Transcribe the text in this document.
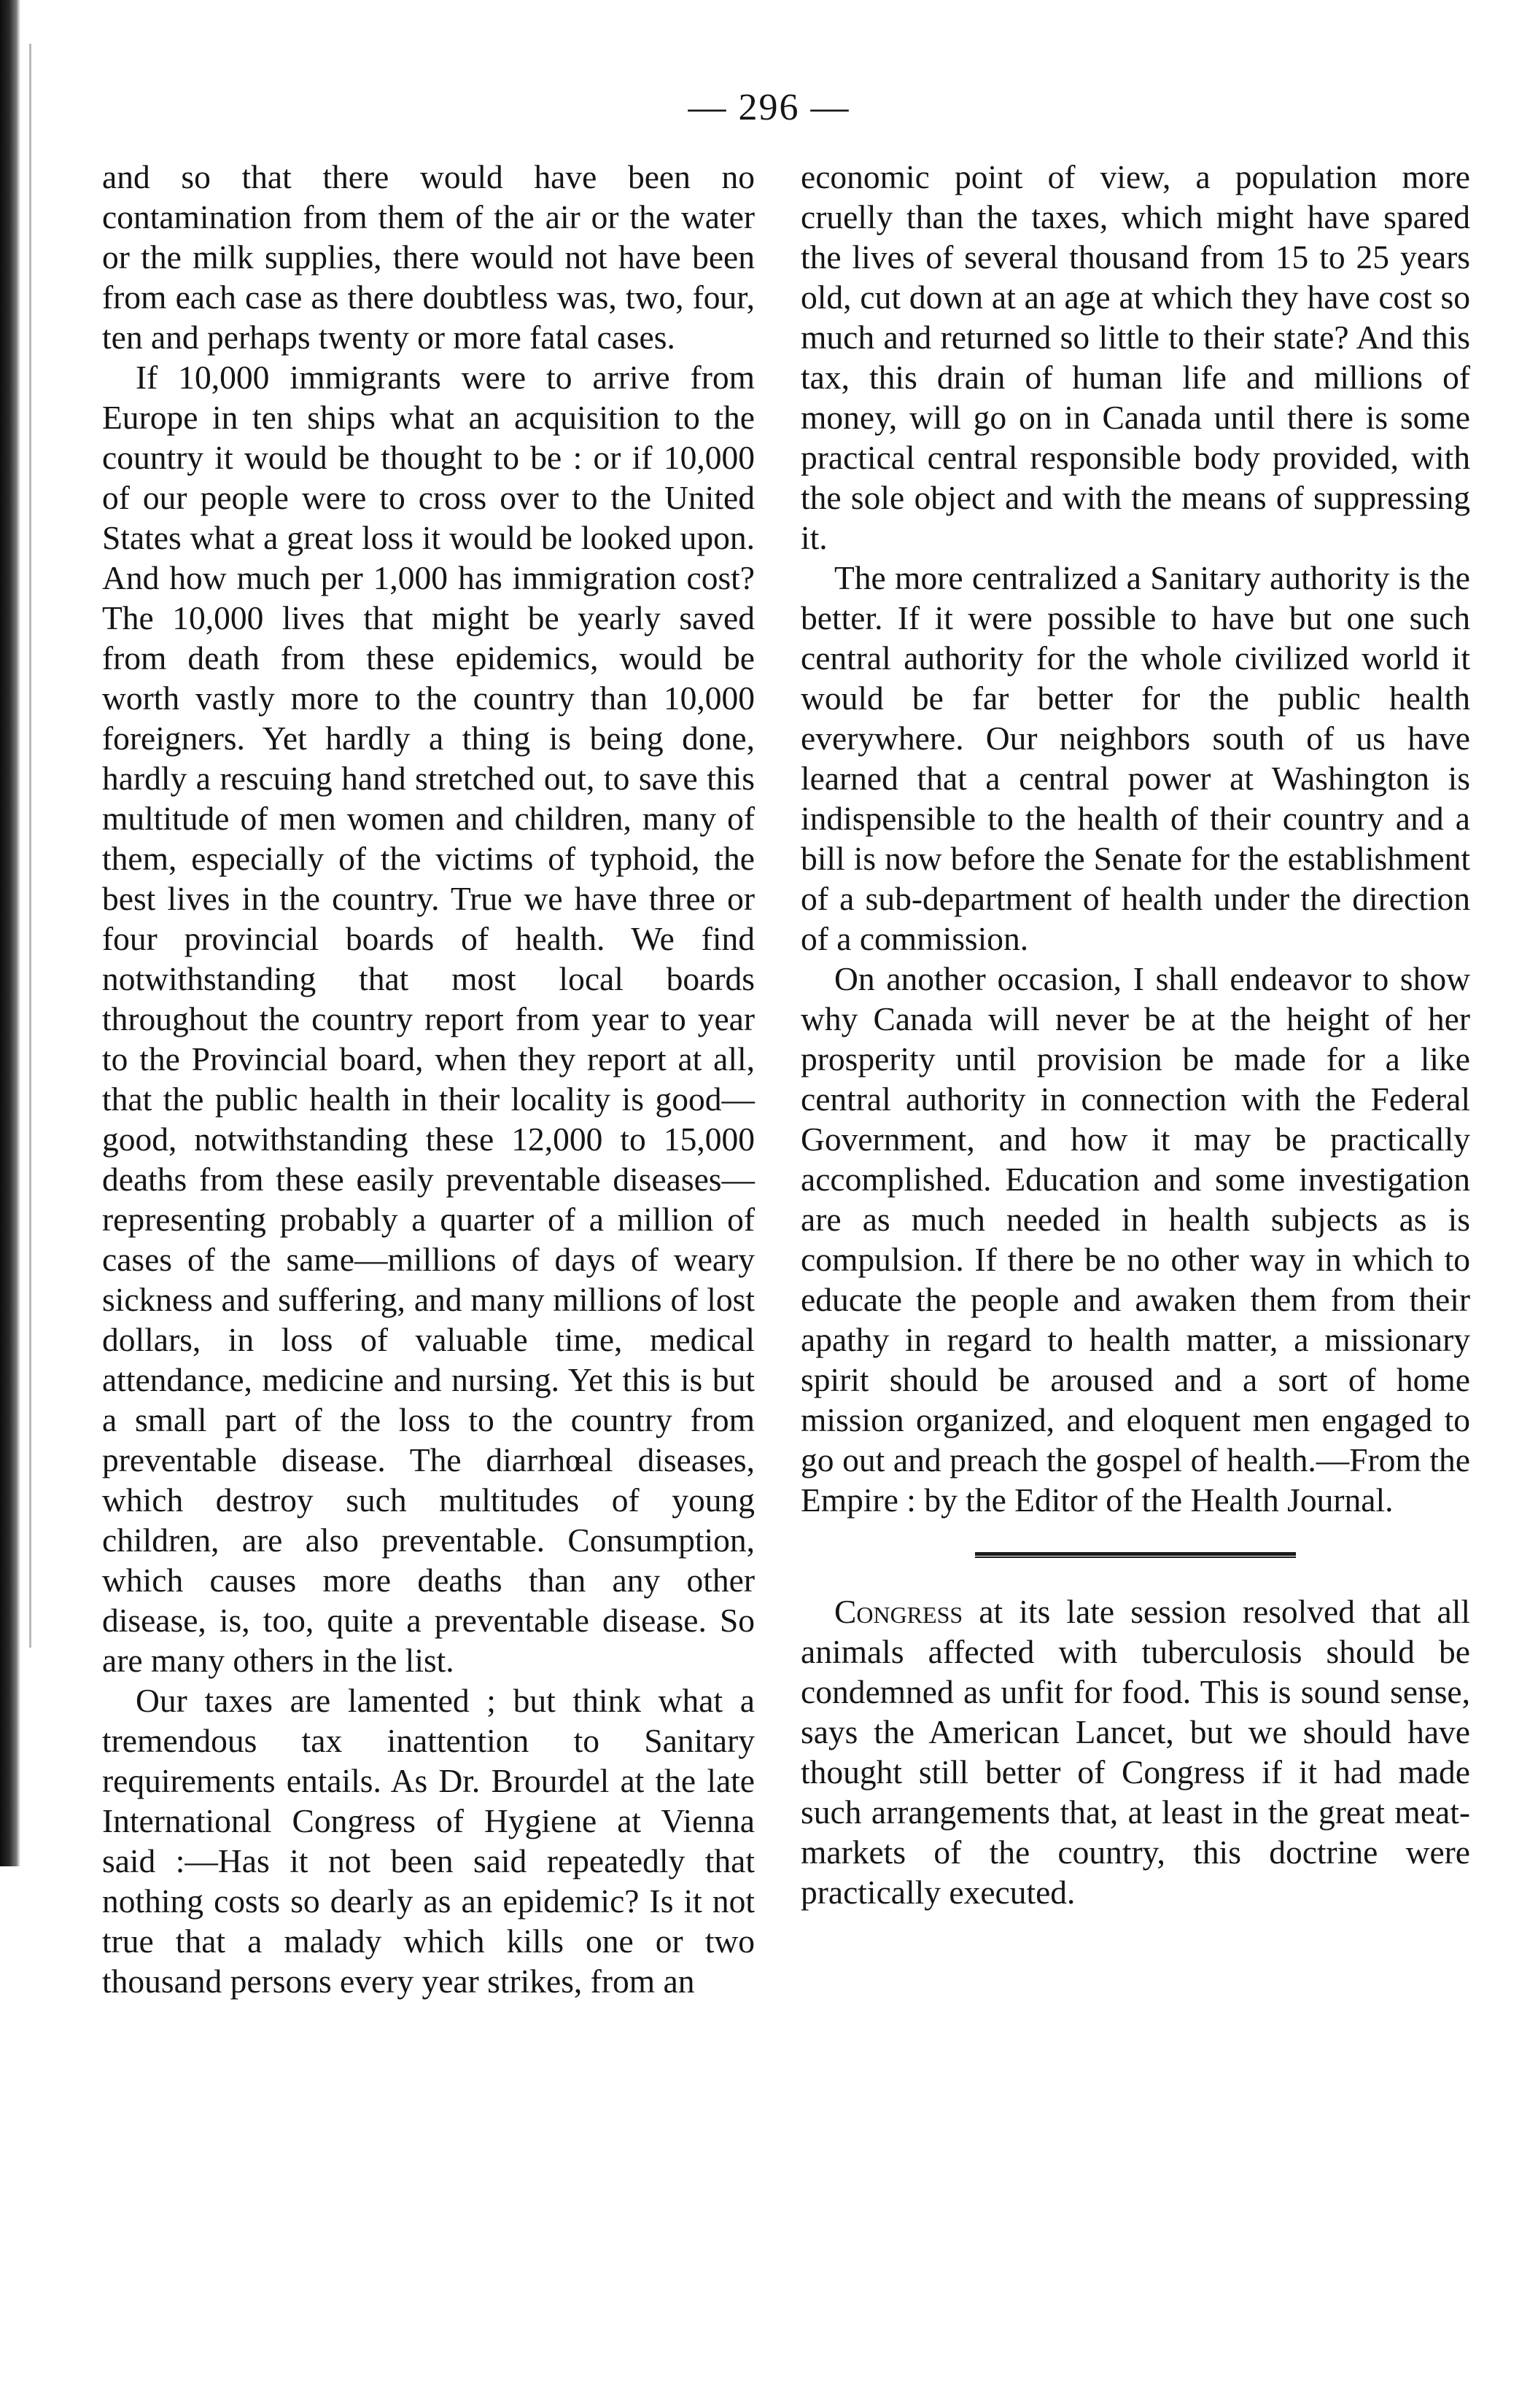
— 296 —

and so that there would have been no contamination from them of the air or the water or the milk supplies, there would not have been from each case as there doubtless was, two, four, ten and perhaps twenty or more fatal cases.

If 10,000 immigrants were to arrive from Europe in ten ships what an acquisition to the country it would be thought to be : or if 10,000 of our people were to cross over to the United States what a great loss it would be looked upon. And how much per 1,000 has immigration cost? The 10,000 lives that might be yearly saved from death from these epidemics, would be worth vastly more to the country than 10,000 foreigners. Yet hardly a thing is being done, hardly a rescuing hand stretched out, to save this multitude of men women and children, many of them, especially of the victims of typhoid, the best lives in the country. True we have three or four provincial boards of health. We find notwithstanding that most local boards throughout the country report from year to year to the Provincial board, when they report at all, that the public health in their locality is good—good, notwithstanding these 12,000 to 15,000 deaths from these easily preventable diseases—representing probably a quarter of a million of cases of the same—millions of days of weary sickness and suffering, and many millions of lost dollars, in loss of valuable time, medical attendance, medicine and nursing. Yet this is but a small part of the loss to the country from preventable disease. The diarrhœal diseases, which destroy such multitudes of young children, are also preventable. Consumption, which causes more deaths than any other disease, is, too, quite a preventable disease. So are many others in the list.

Our taxes are lamented ; but think what a tremendous tax inattention to Sanitary requirements entails. As Dr. Brourdel at the late International Congress of Hygiene at Vienna said :—Has it not been said repeatedly that nothing costs so dearly as an epidemic? Is it not true that a malady which kills one or two thousand persons every year strikes, from an

economic point of view, a population more cruelly than the taxes, which might have spared the lives of several thousand from 15 to 25 years old, cut down at an age at which they have cost so much and returned so little to their state? And this tax, this drain of human life and millions of money, will go on in Canada until there is some practical central responsible body provided, with the sole object and with the means of suppressing it.

The more centralized a Sanitary authority is the better. If it were possible to have but one such central authority for the whole civilized world it would be far better for the public health everywhere. Our neighbors south of us have learned that a central power at Washington is indispensible to the health of their country and a bill is now before the Senate for the establishment of a sub-department of health under the direction of a commission.

On another occasion, I shall endeavor to show why Canada will never be at the height of her prosperity until provision be made for a like central authority in connection with the Federal Government, and how it may be practically accomplished. Education and some investigation are as much needed in health subjects as is compulsion. If there be no other way in which to educate the people and awaken them from their apathy in regard to health matter, a missionary spirit should be aroused and a sort of home mission organized, and eloquent men engaged to go out and preach the gospel of health.—From the Empire : by the Editor of the Health Journal.

Congress at its late session resolved that all animals affected with tuberculosis should be condemned as unfit for food. This is sound sense, says the American Lancet, but we should have thought still better of Congress if it had made such arrangements that, at least in the great meat-markets of the country, this doctrine were practically executed.
